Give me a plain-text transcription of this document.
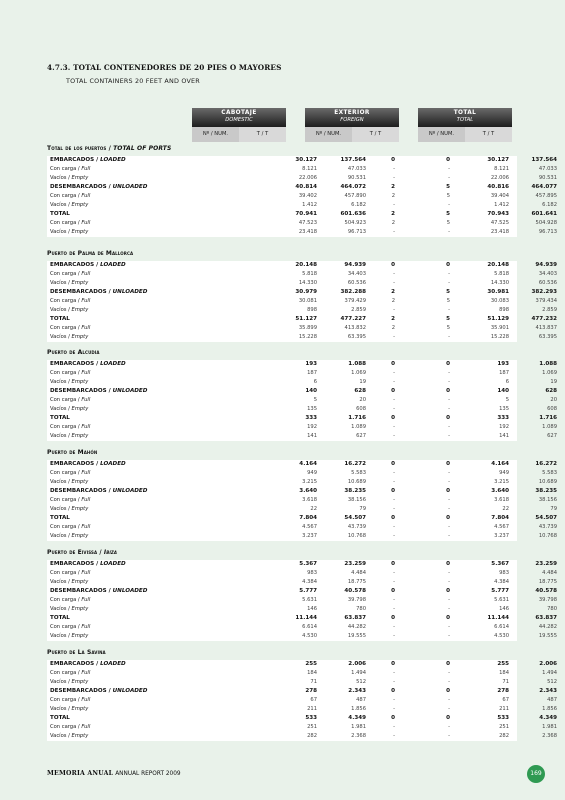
4.7.3. TOTAL CONTENEDORES DE 20 PIES O MAYORES
TOTAL CONTAINERS 20 FEET AND OVER
CABOTAJE
DOMESTIC
EXTERIOR
FOREIGN
TOTAL
TOTAL
Nº / NUM.	T / T	Nº / NUM.	T / T	Nº / NUM.	T / T
Total de los puertos / TOTAL OF PORTS
EMBARCADOS / LOADED	30.127	137.564	0	0	30.127	137.564
Con carga / Full	8.121	47.033	-	-	8.121	47.033
Vacíos / Empty	22.006	90.531	-	-	22.006	90.531
DESEMBARCADOS / UNLOADED	40.814	464.072	2	5	40.816	464.077
Con carga / Full	39.402	457.890	2	5	39.404	457.895
Vacíos / Empty	1.412	6.182	-	-	1.412	6.182
TOTAL	70.941	601.636	2	5	70.943	601.641
Con carga / Full	47.523	504.923	2	5	47.525	504.928
Vacíos / Empty	23.418	96.713	-	-	23.418	96.713
Puerto de Palma de Mallorca
EMBARCADOS / LOADED	20.148	94.939	0	0	20.148	94.939
Con carga / Full	5.818	34.403	-	-	5.818	34.403
Vacíos / Empty	14.330	60.536	-	-	14.330	60.536
DESEMBARCADOS / UNLOADED	30.979	382.288	2	5	30.981	382.293
Con carga / Full	30.081	379.429	2	5	30.083	379.434
Vacíos / Empty	898	2.859	-	-	898	2.859
TOTAL	51.127	477.227	2	5	51.129	477.232
Con carga / Full	35.899	413.832	2	5	35.901	413.837
Vacíos / Empty	15.228	63.395	-	-	15.228	63.395
Puerto de Alcudia
EMBARCADOS / LOADED	193	1.088	0	0	193	1.088
Con carga / Full	187	1.069	-	-	187	1.069
Vacíos / Empty	6	19	-	-	6	19
DESEMBARCADOS / UNLOADED	140	628	0	0	140	628
Con carga / Full	5	20	-	-	5	20
Vacíos / Empty	135	608	-	-	135	608
TOTAL	333	1.716	0	0	333	1.716
Con carga / Full	192	1.089	-	-	192	1.089
Vacíos / Empty	141	627	-	-	141	627
Puerto de Mahón
EMBARCADOS / LOADED	4.164	16.272	0	0	4.164	16.272
Con carga / Full	949	5.583	-	-	949	5.583
Vacíos / Empty	3.215	10.689	-	-	3.215	10.689
DESEMBARCADOS / UNLOADED	3.640	38.235	0	0	3.640	38.235
Con carga / Full	3.618	38.156	-	-	3.618	38.156
Vacíos / Empty	22	79	-	-	22	79
TOTAL	7.804	54.507	0	0	7.804	54.507
Con carga / Full	4.567	43.739	-	-	4.567	43.739
Vacíos / Empty	3.237	10.768	-	-	3.237	10.768
Puerto de Eivissa / Ibiza
EMBARCADOS / LOADED	5.367	23.259	0	0	5.367	23.259
Con carga / Full	983	4.484	-	-	983	4.484
Vacíos / Empty	4.384	18.775	-	-	4.384	18.775
DESEMBARCADOS / UNLOADED	5.777	40.578	0	0	5.777	40.578
Con carga / Full	5.631	39.798	-	-	5.631	39.798
Vacíos / Empty	146	780	-	-	146	780
TOTAL	11.144	63.837	0	0	11.144	63.837
Con carga / Full	6.614	44.282	-	-	6.614	44.282
Vacíos / Empty	4.530	19.555	-	-	4.530	19.555
Puerto de La Savina
EMBARCADOS / LOADED	255	2.006	0	0	255	2.006
Con carga / Full	184	1.494	-	-	184	1.494
Vacíos / Empty	71	512	-	-	71	512
DESEMBARCADOS / UNLOADED	278	2.343	0	0	278	2.343
Con carga / Full	67	487	-	-	67	487
Vacíos / Empty	211	1.856	-	-	211	1.856
TOTAL	533	4.349	0	0	533	4.349
Con carga / Full	251	1.981	-	-	251	1.981
Vacíos / Empty	282	2.368	-	-	282	2.368
MEMORIA ANUAL ANNUAL REPORT 2009	169
